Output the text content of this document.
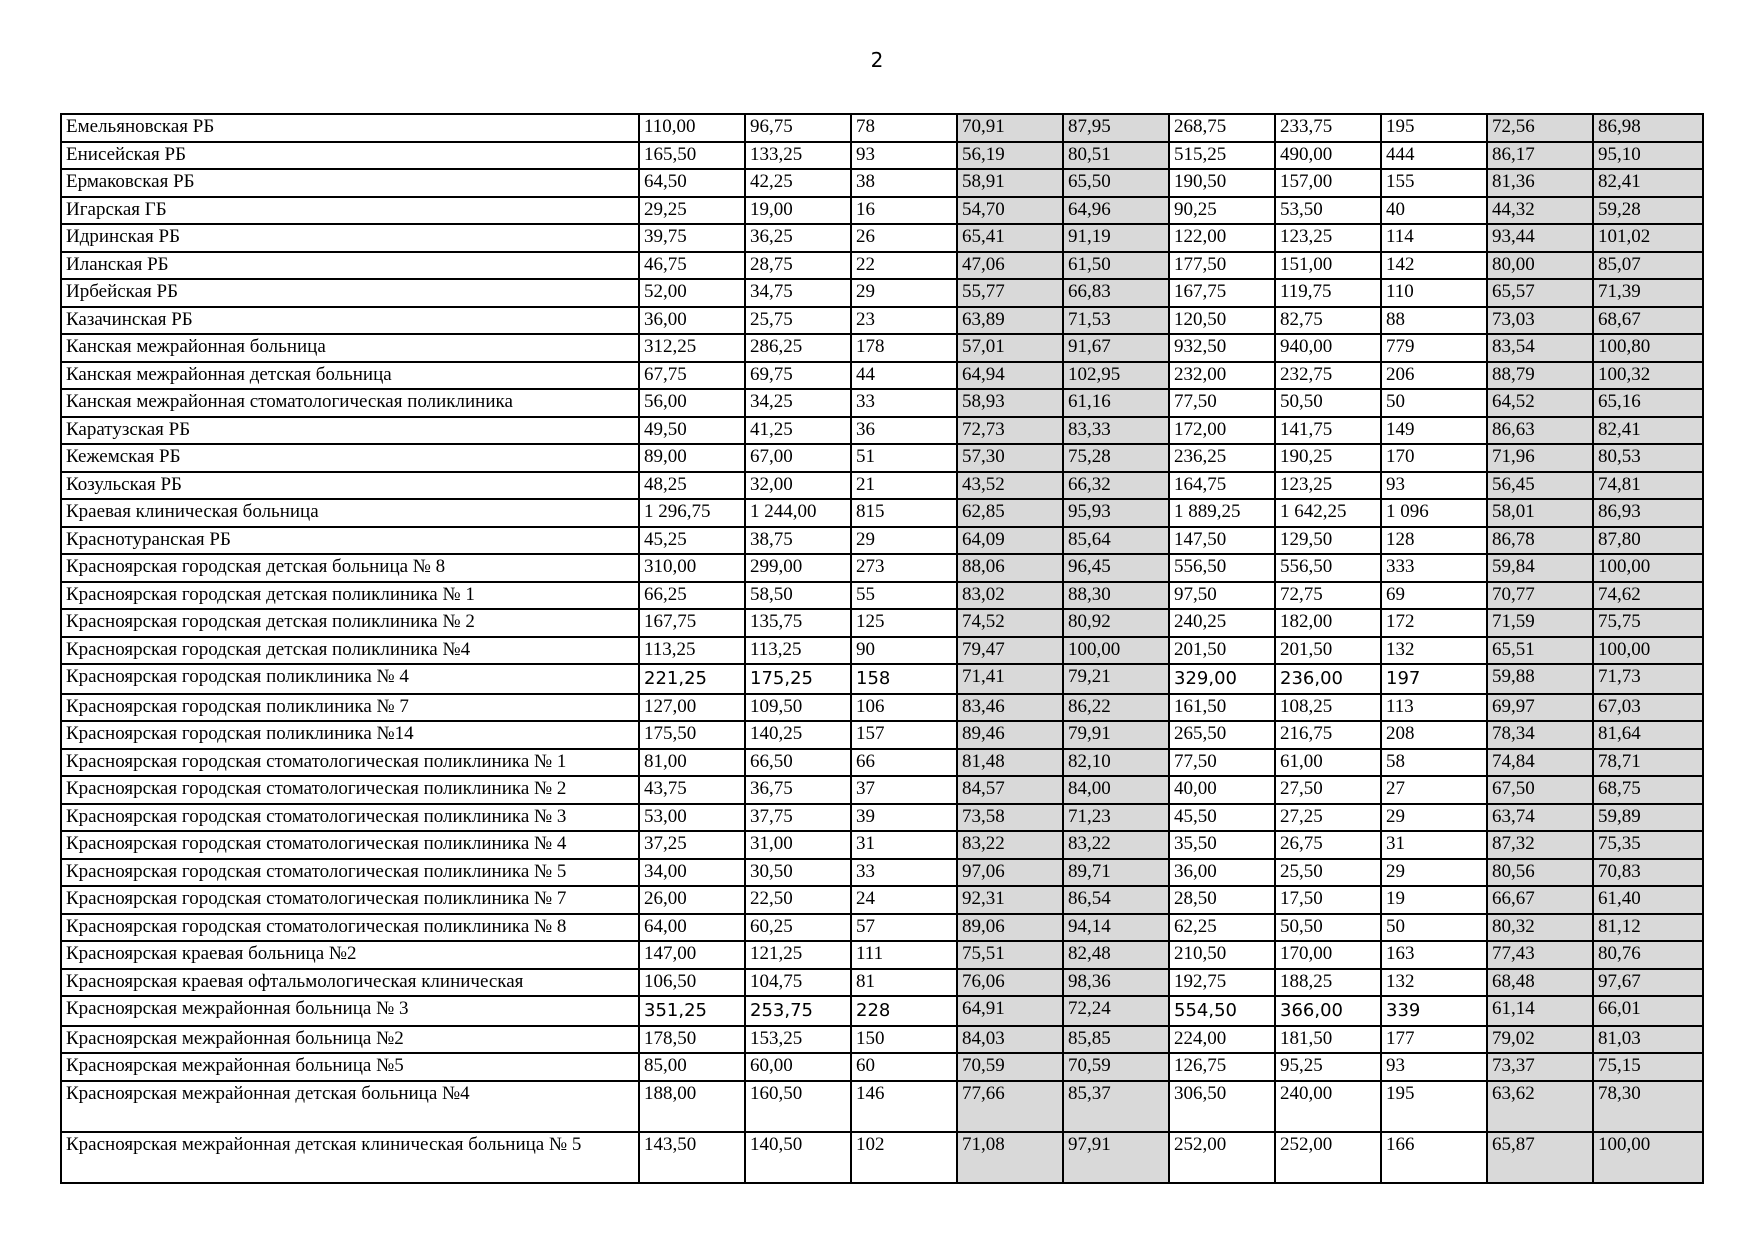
2
Емельяновская РБ	110,00	96,75	78	70,91	87,95	268,75	233,75	195	72,56	86,98
Енисейская РБ	165,50	133,25	93	56,19	80,51	515,25	490,00	444	86,17	95,10
Ермаковская РБ	64,50	42,25	38	58,91	65,50	190,50	157,00	155	81,36	82,41
Игарская ГБ	29,25	19,00	16	54,70	64,96	90,25	53,50	40	44,32	59,28
Идринская РБ	39,75	36,25	26	65,41	91,19	122,00	123,25	114	93,44	101,02
Иланская РБ	46,75	28,75	22	47,06	61,50	177,50	151,00	142	80,00	85,07
Ирбейская РБ	52,00	34,75	29	55,77	66,83	167,75	119,75	110	65,57	71,39
Казачинская РБ	36,00	25,75	23	63,89	71,53	120,50	82,75	88	73,03	68,67
Канская межрайонная больница	312,25	286,25	178	57,01	91,67	932,50	940,00	779	83,54	100,80
Канская межрайонная детская больница	67,75	69,75	44	64,94	102,95	232,00	232,75	206	88,79	100,32
Канская межрайонная стоматологическая поликлиника	56,00	34,25	33	58,93	61,16	77,50	50,50	50	64,52	65,16
Каратузская РБ	49,50	41,25	36	72,73	83,33	172,00	141,75	149	86,63	82,41
Кежемская РБ	89,00	67,00	51	57,30	75,28	236,25	190,25	170	71,96	80,53
Козульская РБ	48,25	32,00	21	43,52	66,32	164,75	123,25	93	56,45	74,81
Краевая клиническая больница	1 296,75	1 244,00	815	62,85	95,93	1 889,25	1 642,25	1 096	58,01	86,93
Краснотуранская РБ	45,25	38,75	29	64,09	85,64	147,50	129,50	128	86,78	87,80
Красноярская городская детская больница № 8	310,00	299,00	273	88,06	96,45	556,50	556,50	333	59,84	100,00
Красноярская городская детская поликлиника № 1	66,25	58,50	55	83,02	88,30	97,50	72,75	69	70,77	74,62
Красноярская городская детская поликлиника № 2	167,75	135,75	125	74,52	80,92	240,25	182,00	172	71,59	75,75
Красноярская городская детская поликлиника №4	113,25	113,25	90	79,47	100,00	201,50	201,50	132	65,51	100,00
Красноярская городская поликлиника № 4	221,25	175,25	158	71,41	79,21	329,00	236,00	197	59,88	71,73
Красноярская городская поликлиника № 7	127,00	109,50	106	83,46	86,22	161,50	108,25	113	69,97	67,03
Красноярская городская поликлиника №14	175,50	140,25	157	89,46	79,91	265,50	216,75	208	78,34	81,64
Красноярская городская стоматологическая поликлиника № 1	81,00	66,50	66	81,48	82,10	77,50	61,00	58	74,84	78,71
Красноярская городская стоматологическая поликлиника № 2	43,75	36,75	37	84,57	84,00	40,00	27,50	27	67,50	68,75
Красноярская городская стоматологическая поликлиника № 3	53,00	37,75	39	73,58	71,23	45,50	27,25	29	63,74	59,89
Красноярская городская стоматологическая поликлиника № 4	37,25	31,00	31	83,22	83,22	35,50	26,75	31	87,32	75,35
Красноярская городская стоматологическая поликлиника № 5	34,00	30,50	33	97,06	89,71	36,00	25,50	29	80,56	70,83
Красноярская городская стоматологическая поликлиника № 7	26,00	22,50	24	92,31	86,54	28,50	17,50	19	66,67	61,40
Красноярская городская стоматологическая поликлиника № 8	64,00	60,25	57	89,06	94,14	62,25	50,50	50	80,32	81,12
Красноярская краевая больница №2	147,00	121,25	111	75,51	82,48	210,50	170,00	163	77,43	80,76
Красноярская краевая офтальмологическая клиническая	106,50	104,75	81	76,06	98,36	192,75	188,25	132	68,48	97,67
Красноярская межрайонная больница № 3	351,25	253,75	228	64,91	72,24	554,50	366,00	339	61,14	66,01
Красноярская межрайонная больница №2	178,50	153,25	150	84,03	85,85	224,00	181,50	177	79,02	81,03
Красноярская межрайонная больница №5	85,00	60,00	60	70,59	70,59	126,75	95,25	93	73,37	75,15
Красноярская межрайонная детская больница №4	188,00	160,50	146	77,66	85,37	306,50	240,00	195	63,62	78,30
Красноярская межрайонная детская клиническая больница № 5	143,50	140,50	102	71,08	97,91	252,00	252,00	166	65,87	100,00
